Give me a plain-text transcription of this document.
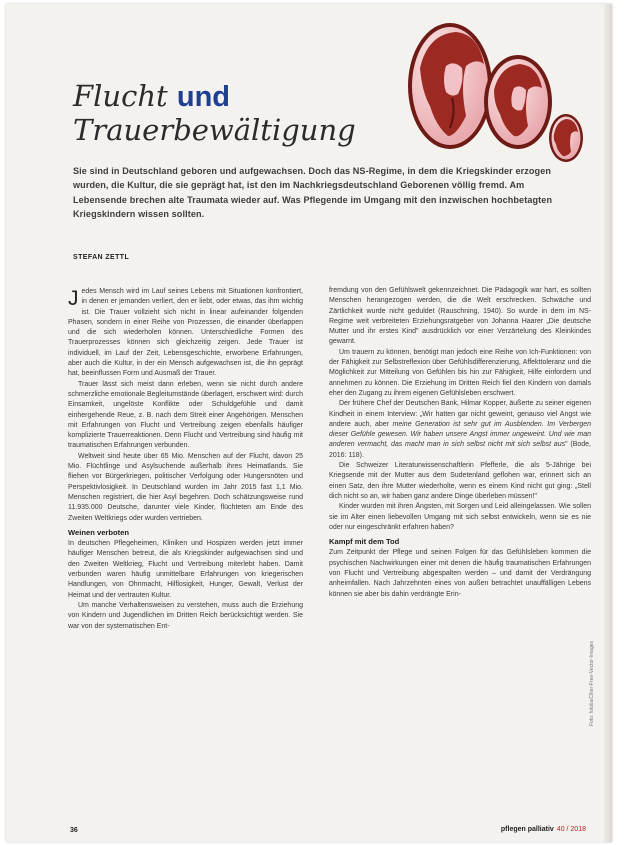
Flucht und
Trauerbewältigung
Sie sind in Deutschland geboren und aufgewachsen. Doch das NS-Regime, in dem die Kriegskinder erzogen wurden, die Kultur, die sie geprägt hat, ist den im Nachkriegsdeutschland Geborenen völlig fremd. Am Lebensende brechen alte Traumata wieder auf. Was Pflegende im Umgang mit den inzwischen hochbetagten Kriegskindern wissen sollten.
STEFAN ZETTL

Jedes Mensch wird im Lauf seines Lebens mit Situationen konfrontiert, in denen er jemanden verliert, den er liebt, oder etwas, das ihm wichtig ist. Die Trauer vollzieht sich nicht in linear aufeinander folgenden Phasen, sondern in einer Reihe von Prozessen, die einander überlappen und die sich wiederholen können. Unterschiedliche Formen des Trauerprozesses können sich gleichzeitig zeigen. Jede Trauer ist individuell, im Lauf der Zeit, Lebensgeschichte, erworbene Erfahrungen, aber auch die Kultur, in der ein Mensch aufgewachsen ist, die ihn geprägt hat, beeinflussen Form und Ausmaß der Trauer.

Trauer lässt sich meist dann erleben, wenn sie nicht durch andere schmerzliche emotionale Begleitumstände überlagert, erschwert wird: durch Einsamkeit, ungelöste Konflikte oder Schuldgefühle und damit einhergehende Reue, z. B. nach dem Streit einer Angehörigen. Menschen mit Erfahrungen von Flucht und Vertreibung zeigen ebenfalls häufiger komplizierte Trauerreaktionen. Denn Flucht und Vertreibung sind häufig mit traumatischen Erfahrungen verbunden.

Weltweit sind heute über 65 Mio. Menschen auf der Flucht, davon 25 Mio. Flüchtlinge und Asylsuchende außerhalb ihres Heimatlands. Sie fliehen vor Bürgerkriegen, politischer Verfolgung oder Hungersnöten und Perspektivlosigkeit. In Deutschland wurden im Jahr 2015 fast 1,1 Mio. Menschen registriert, die hier Asyl begehren. Doch schätzungsweise rund 11.935.000 Deutsche, darunter viele Kinder, flüchteten am Ende des Zweiten Weltkriegs oder wurden vertrieben.

Weinen verboten

In deutschen Pflegeheimen, Kliniken und Hospizen werden jetzt immer häufiger Menschen betreut, die als Kriegskinder aufgewachsen sind und den Zweiten Weltkrieg, Flucht und Vertreibung miterlebt haben. Damit verbunden waren häufig unmittelbare Erfahrungen von kriegerischen Handlungen, von Ohnmacht, Hilflosigkeit, Hunger, Gewalt, Verlust der Heimat und der vertrauten Kultur.

Um manche Verhaltensweisen zu verstehen, muss auch die Erziehung von Kindern und Jugendlichen im Dritten Reich berücksichtigt werden. Sie war von der systematischen Ent-

fremdung von den Gefühlswelt gekennzeichnet. Die Pädagogik war hart, es sollten Menschen herangezogen werden, die die Welt erschrecken. Schwäche und Zärtlichkeit wurde nicht geduldet (Rauschning, 1940). So wurde in dem im NS-Regime weit verbreiteten Erziehungsratgeber von Johanna Haarer „Die deutsche Mutter und ihr erstes Kind" ausdrücklich vor einer Verzärtelung des Kleinkindes gewarnt.

Um trauern zu können, benötigt man jedoch eine Reihe von Ich-Funktionen: von der Fähigkeit zur Selbstreflexion über Gefühlsdifferenzierung, Affekttoleranz und die Möglichkeit zur Mitteilung von Gefühlen bis hin zur Fähigkeit, Hilfe einfordern und annehmen zu können. Die Erziehung im Dritten Reich fiel den Kindern von damals eher den Zugang zu ihrem eigenen Gefühlsleben erschwert.

Der frühere Chef der Deutschen Bank, Hilmar Kopper, äußerte zu seiner eigenen Kindheit in einem Interview: „Wir hatten gar nicht geweint, genauso viel Angst wie andere auch, aber meine Generation ist sehr gut im Ausblenden. Im Verbergen dieser Gefühle gewesen. Wir haben unsere Angst immer ungeweint. Und wie man anderen vermacht, das macht man in sich selbst nicht mit sich selbst aus" (Bode, 2016: 118).

Die Schweizer Literaturwissenschaftlerin Pfefferle, die als 5-Jährige bei Kriegsende mit der Mutter aus dem Sudetenland geflohen war, erinnert sich an einen Satz, den ihre Mutter wiederholte, wenn es einem Kind nicht gut ging: „Stell dich nicht so an, wir haben ganz andere Dinge überleben müssen!"

Kinder wurden mit ihren Ängsten, mit Sorgen und Leid alleingelassen. Wie sollen sie im Alter einen liebevollen Umgang mit sich selbst entwickeln, wenn sie es nie oder nur eingeschränkt erfahren haben?

Kampf mit dem Tod

Zum Zeitpunkt der Pflege und seinen Folgen für das Gefühlsleben kommen die psychischen Nachwirkungen einer mit denen die häufig traumatischen Erfahrungen von Flucht und Vertreibung abgespalten werden – und damit der Verdrängung anheimfallen. Nach Jahrzehnten eines von außen betrachtet unauffälligen Lebens können sie aber bis dahin verdrängte Erin-

Foto: fotolia/Clker-Free-Vector-Images
36	pflegen palliativ 40 / 2018
